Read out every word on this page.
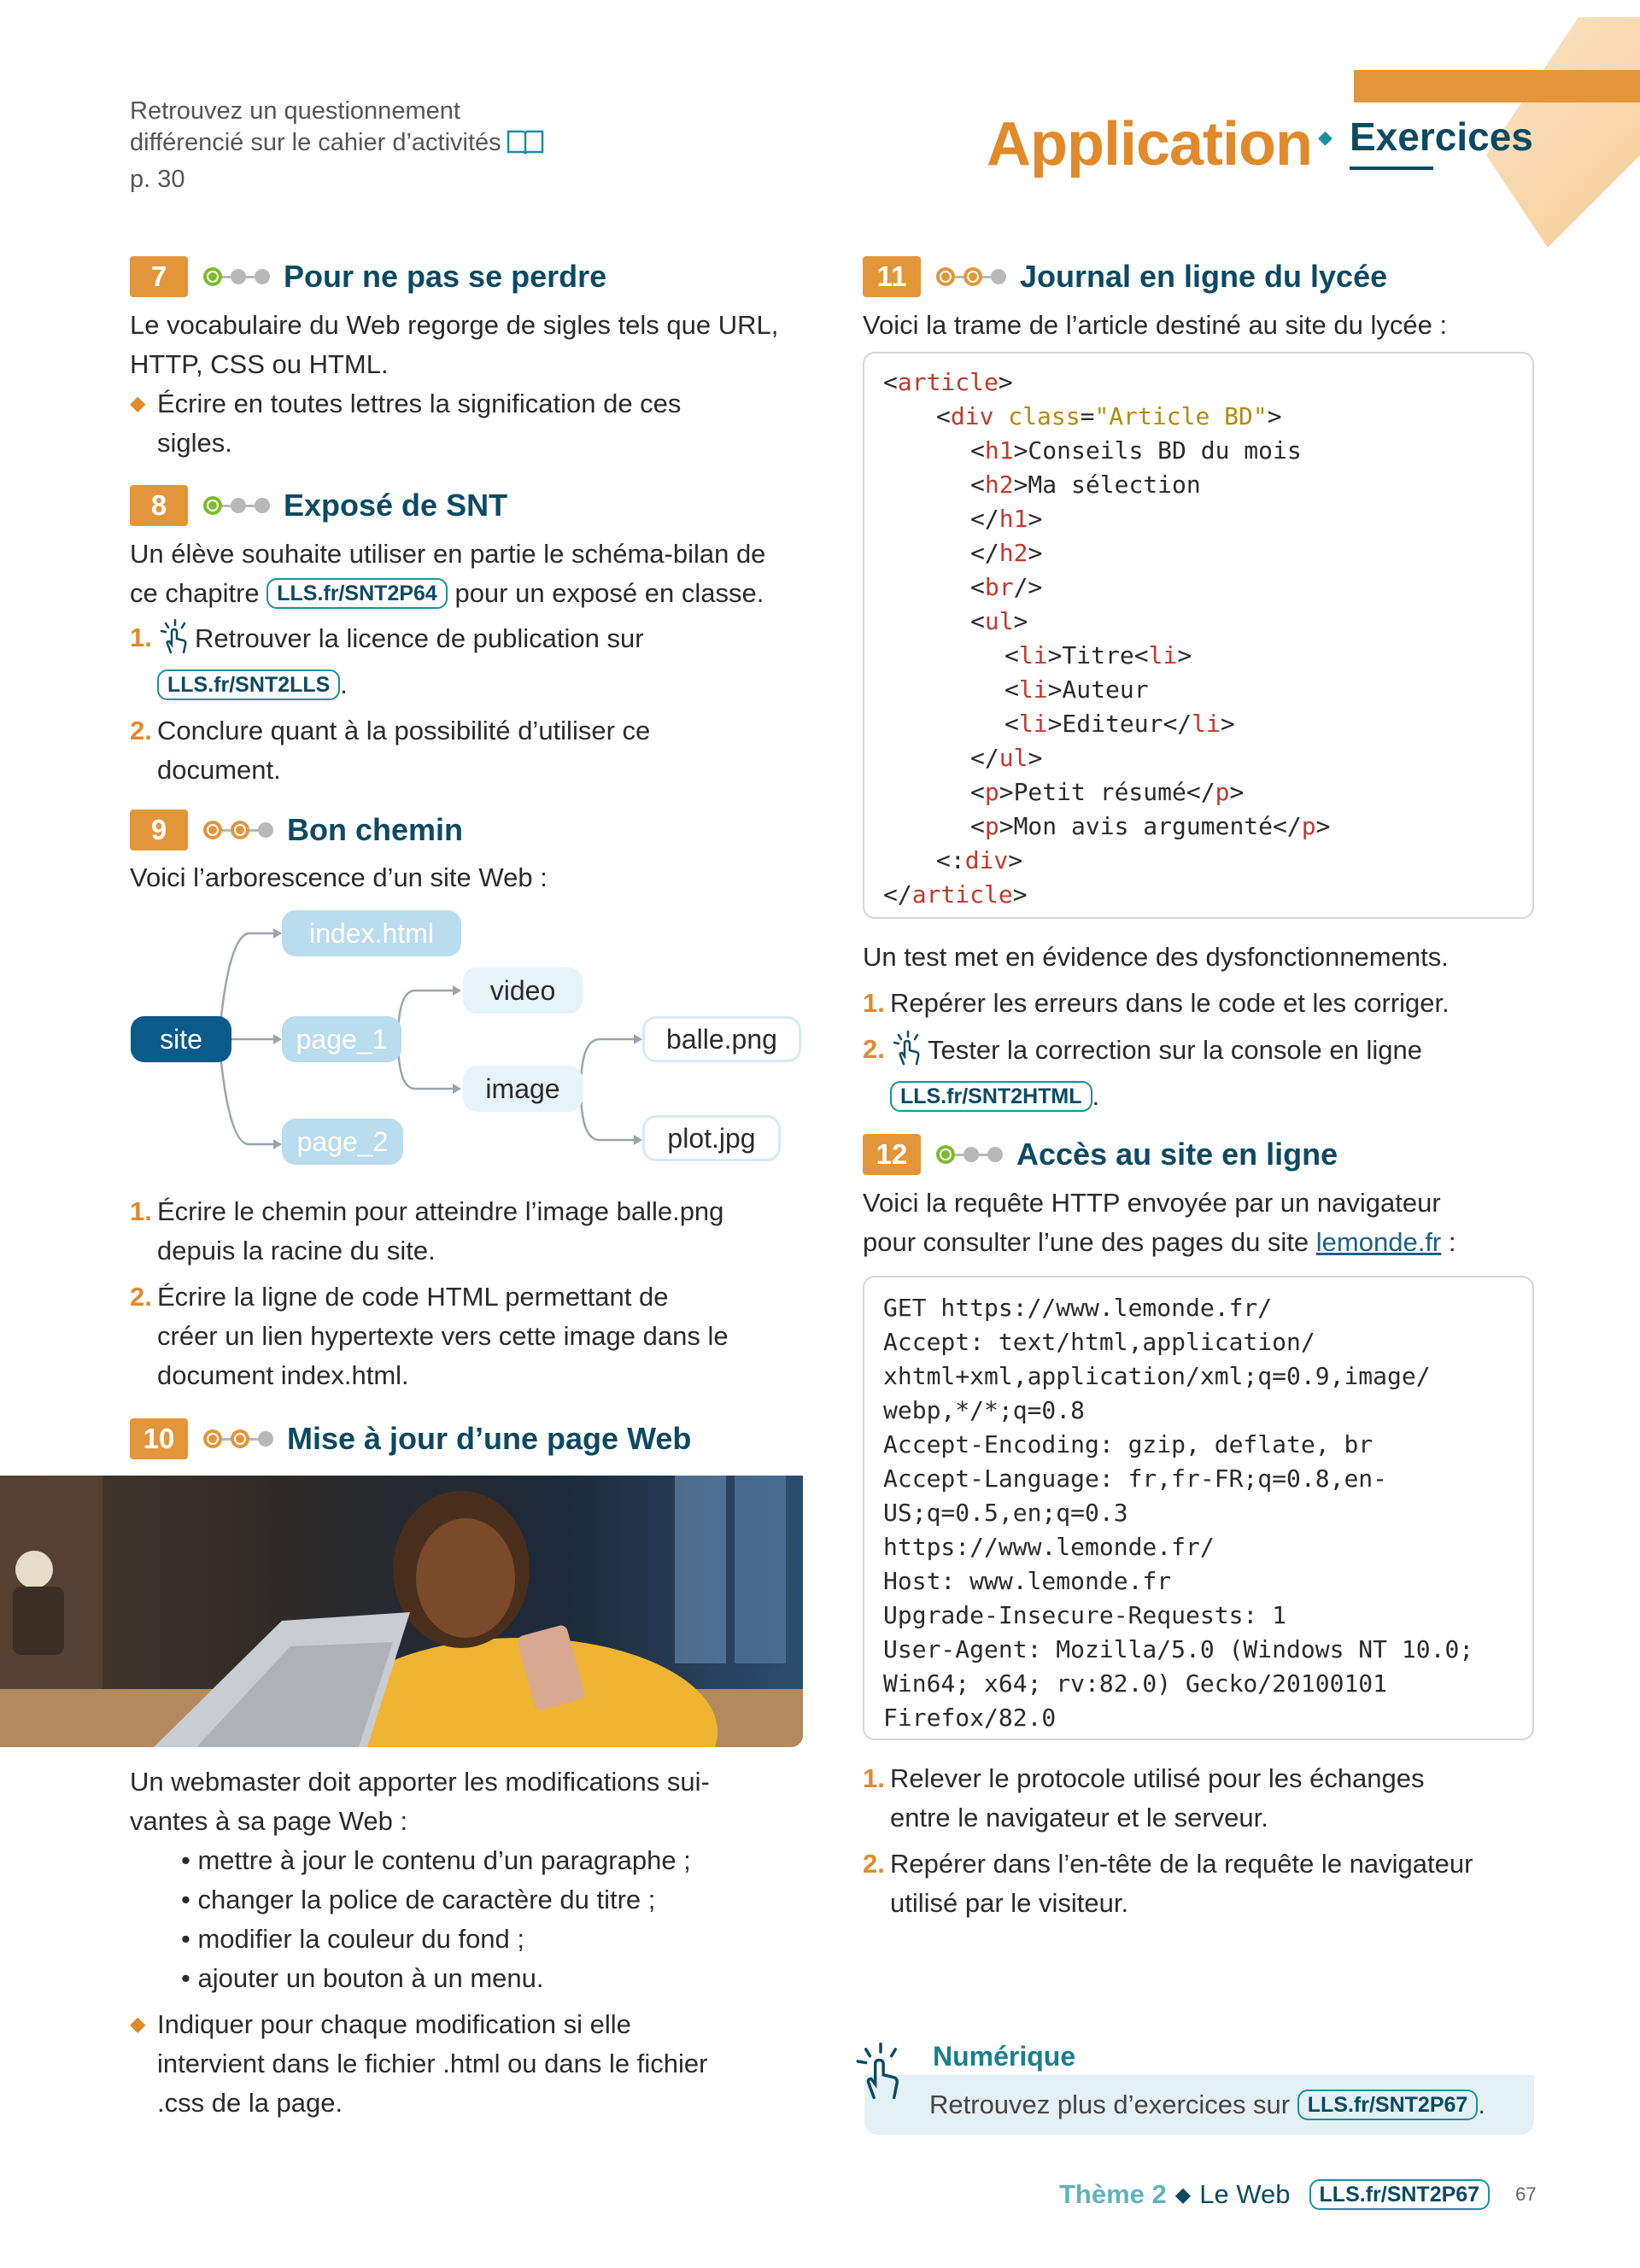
Retrouvez un questionnement
différencié sur le cahier d’activités
p. 30
Application ◆ Exercices
7	Pour ne pas se perdre
Le vocabulaire du Web regorge de sigles tels que URL,
HTTP, CSS ou HTML.
◆ Écrire en toutes lettres la signification de ces
sigles.
8	Exposé de SNT
Un élève souhaite utiliser en partie le schéma-bilan de
ce chapitre LLS.fr/SNT2P64 pour un exposé en classe.
1. Retrouver la licence de publication sur
LLS.fr/SNT2LLS .
2. Conclure quant à la possibilité d’utiliser ce
document.
9	Bon chemin
Voici l’arborescence d’un site Web :
site
index.html
page_1
page_2
video
image
balle.png
plot.jpg
1. Écrire le chemin pour atteindre l’image balle.png
depuis la racine du site.
2. Écrire la ligne de code HTML permettant de
créer un lien hypertexte vers cette image dans le
document index.html.
10	Mise à jour d’une page Web
Un webmaster doit apporter les modifications sui-
vantes à sa page Web :
• mettre à jour le contenu d’un paragraphe ;
• changer la police de caractère du titre ;
• modifier la couleur du fond ;
• ajouter un bouton à un menu.
◆ Indiquer pour chaque modification si elle
intervient dans le fichier .html ou dans le fichier
.css de la page.
11	Journal en ligne du lycée
Voici la trame de l’article destiné au site du lycée :
<article>
<div class="Article BD">
<h1>Conseils BD du mois
<h2>Ma sélection
</h1>
</h2>
<br/>
<ul>
<li>Titre<li>
<li>Auteur
<li>Editeur</li>
</ul>
<p>Petit résumé</p>
<p>Mon avis argumenté</p>
<:div>
</article>
Un test met en évidence des dysfonctionnements.
1. Repérer les erreurs dans le code et les corriger.
2. Tester la correction sur la console en ligne
LLS.fr/SNT2HTML .
12	Accès au site en ligne
Voici la requête HTTP envoyée par un navigateur
pour consulter l’une des pages du site lemonde.fr :
GET https://www.lemonde.fr/
Accept: text/html,application/
xhtml+xml,application/xml;q=0.9,image/
webp,*/*;q=0.8
Accept-Encoding: gzip, deflate, br
Accept-Language: fr,fr-FR;q=0.8,en-
US;q=0.5,en;q=0.3
https://www.lemonde.fr/
Host: www.lemonde.fr
Upgrade-Insecure-Requests: 1
User-Agent: Mozilla/5.0 (Windows NT 10.0;
Win64; x64; rv:82.0) Gecko/20100101
Firefox/82.0
1. Relever le protocole utilisé pour les échanges
entre le navigateur et le serveur.
2. Repérer dans l’en-tête de la requête le navigateur
utilisé par le visiteur.
Numérique
Retrouvez plus d’exercices sur LLS.fr/SNT2P67 .
Thème 2 ◆ Le Web	LLS.fr/SNT2P67	67
